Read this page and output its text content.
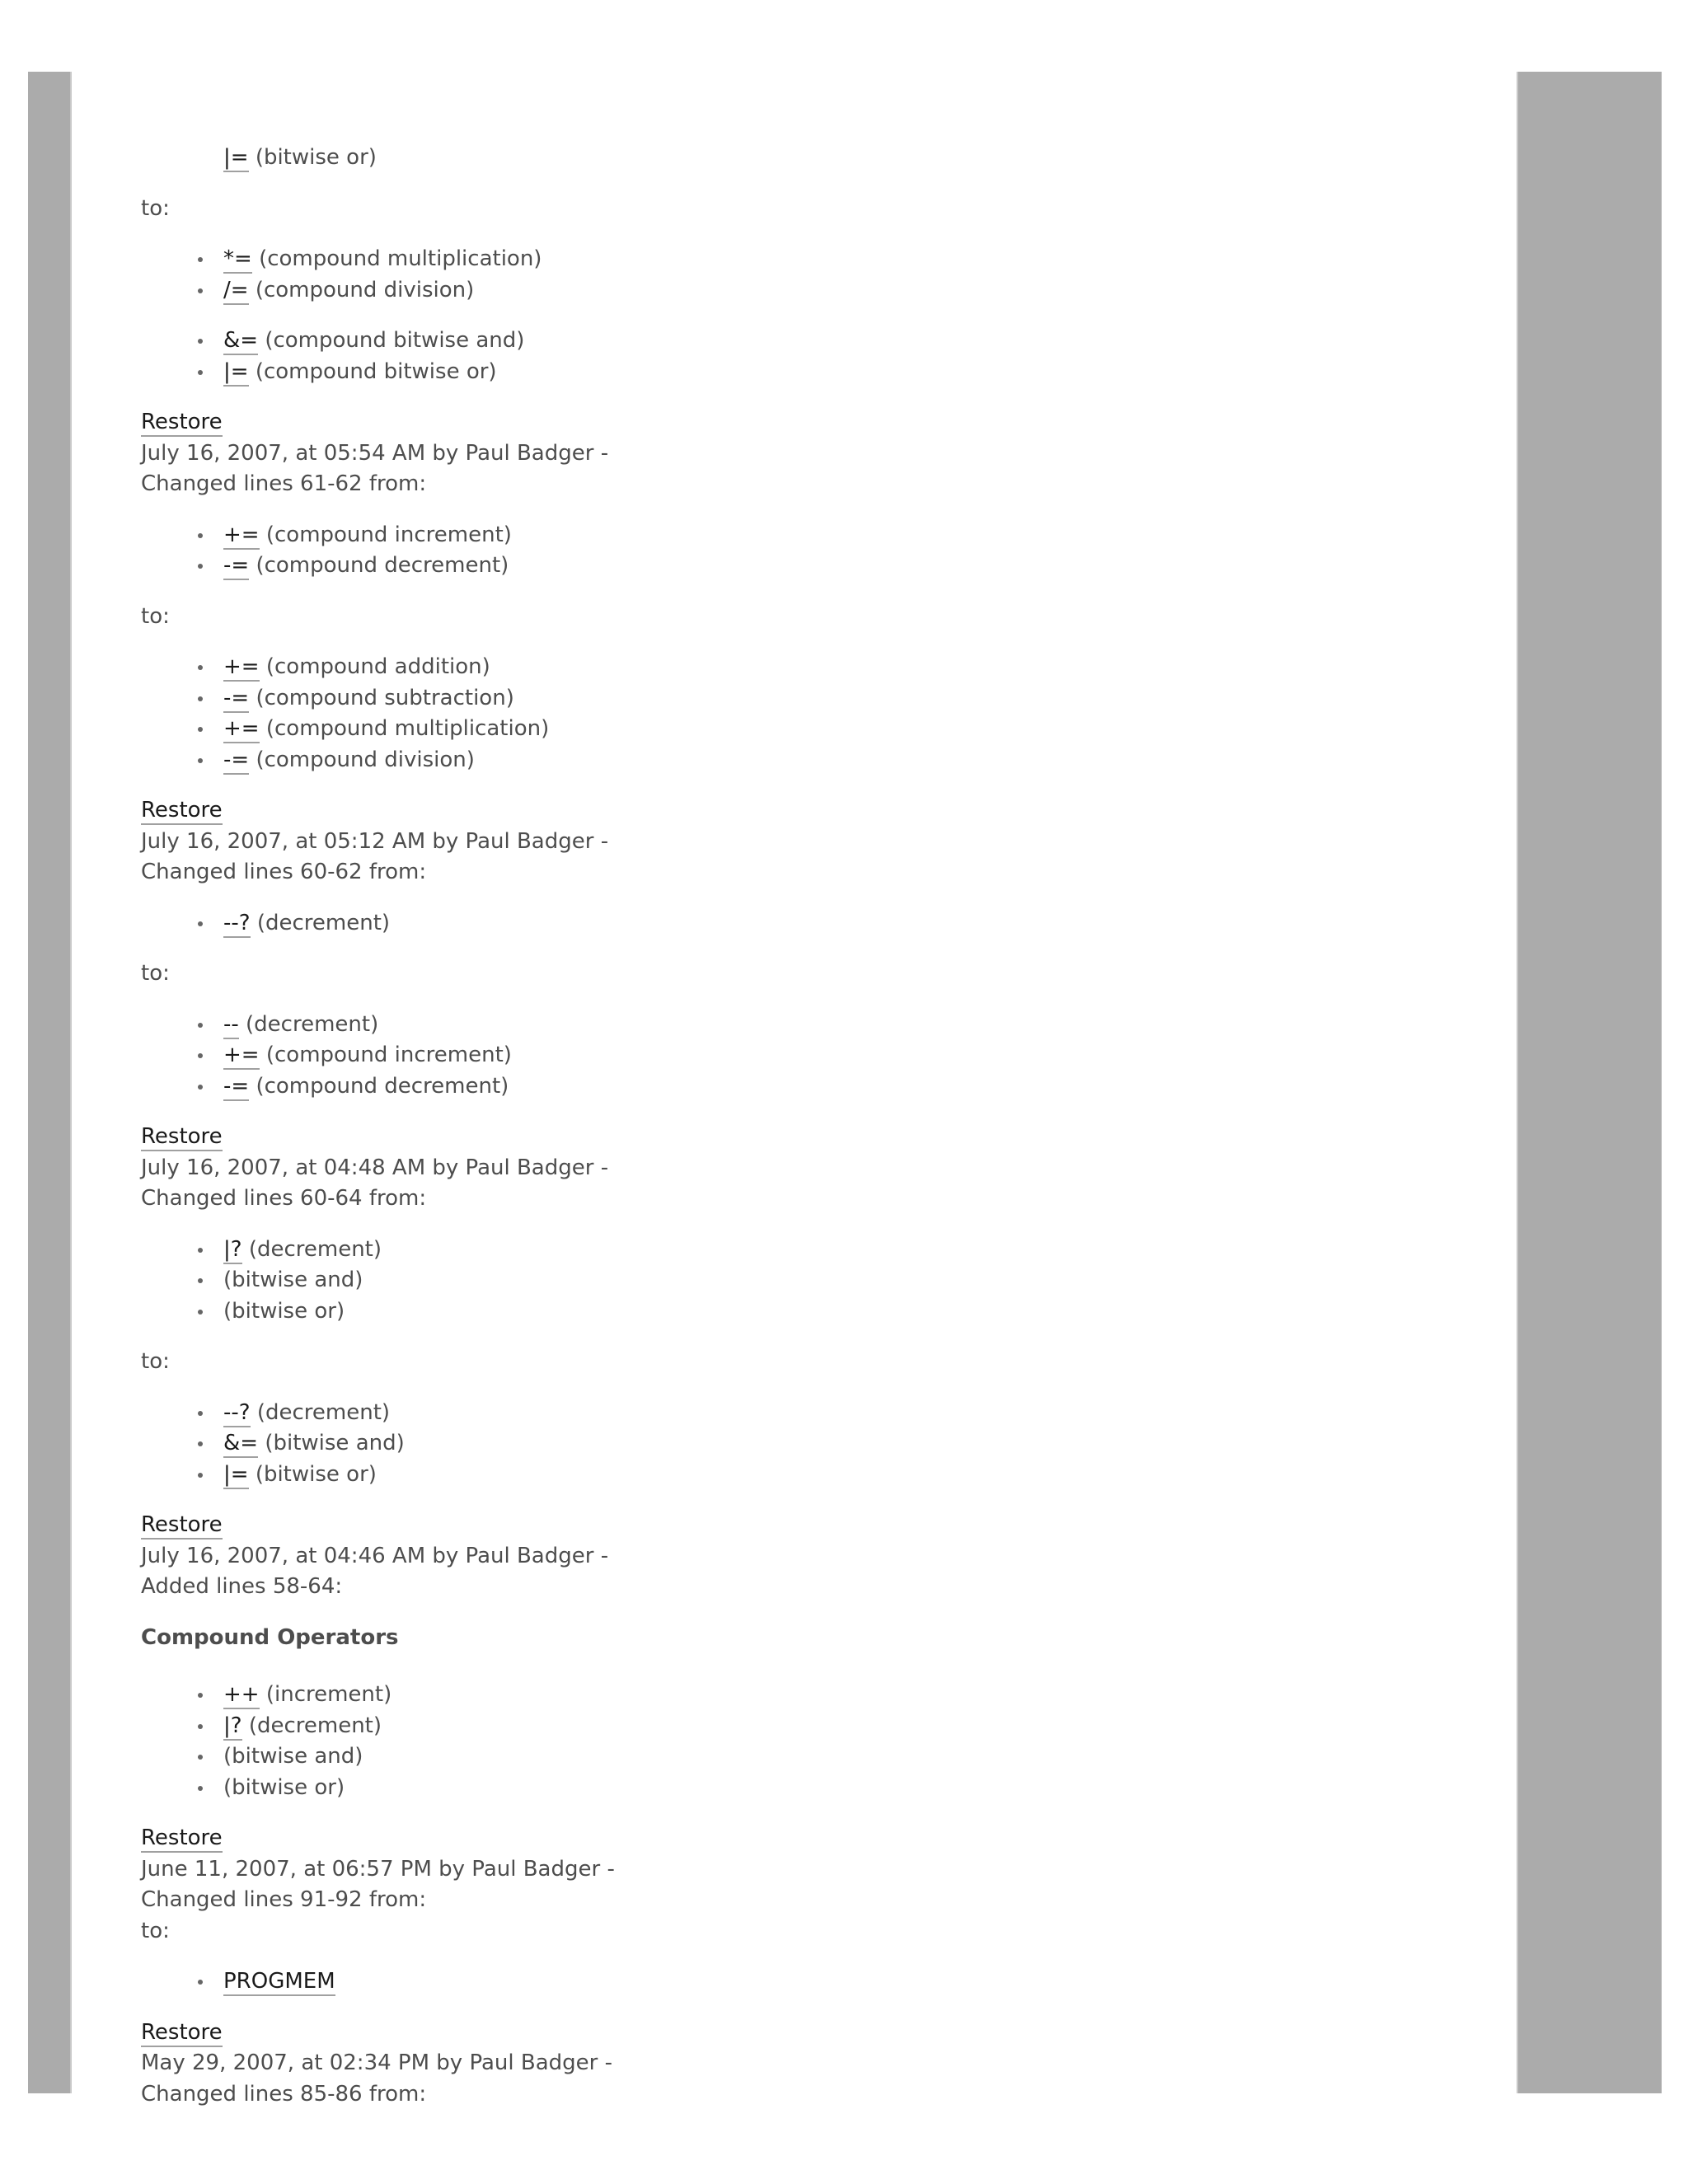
|= (bitwise or)
to:
*= (compound multiplication)
/= (compound division)
&= (compound bitwise and)
|= (compound bitwise or)
Restore
July 16, 2007, at 05:54 AM by Paul Badger -
Changed lines 61-62 from:
+= (compound increment)
-= (compound decrement)
to:
+= (compound addition)
-= (compound subtraction)
+= (compound multiplication)
-= (compound division)
Restore
July 16, 2007, at 05:12 AM by Paul Badger -
Changed lines 60-62 from:
--? (decrement)
to:
-- (decrement)
+= (compound increment)
-= (compound decrement)
Restore
July 16, 2007, at 04:48 AM by Paul Badger -
Changed lines 60-64 from:
|? (decrement)
(bitwise and)
(bitwise or)
to:
--? (decrement)
&= (bitwise and)
|= (bitwise or)
Restore
July 16, 2007, at 04:46 AM by Paul Badger -
Added lines 58-64:
Compound Operators
++ (increment)
|? (decrement)
(bitwise and)
(bitwise or)
Restore
June 11, 2007, at 06:57 PM by Paul Badger -
Changed lines 91-92 from:
to:
PROGMEM
Restore
May 29, 2007, at 02:34 PM by Paul Badger -
Changed lines 85-86 from:
